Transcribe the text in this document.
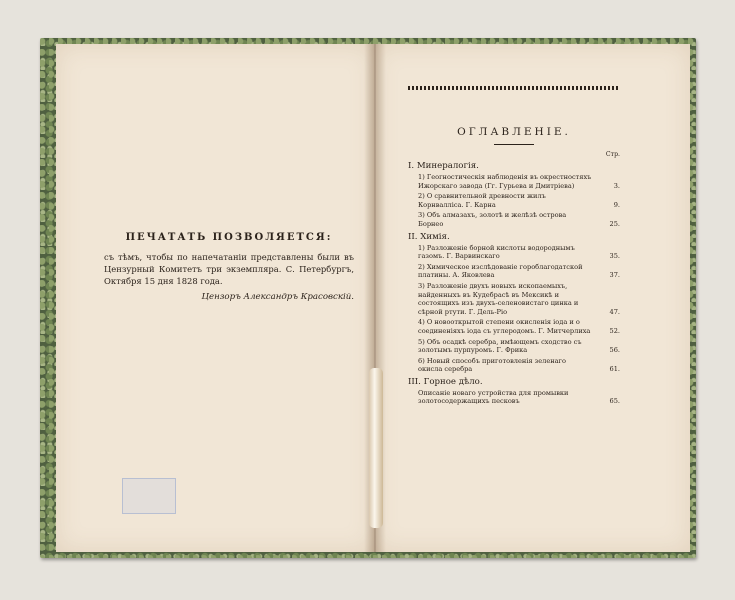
ПЕЧАТАТЬ ПОЗВОЛЯЕТСЯ:
съ тѣмъ, чтобы по напечатаніи представлены были въ Цензурный Комитетъ три экземпляра. С. Петербургъ, Октября 15 дня 1828 года.
Цензоръ Александръ Красовскій.
ОГЛАВЛЕНІЕ.
Стр.
I. Минералогія.
1) Геогностическія наблюденія въ окрестностяхъ Ижорскаго завода (Гг. Гурьева и Дмитріева)	3.
2) О сравнительной древности жилъ Корнвалліса. Г. Карна	9.
3) Объ алмазахъ, золотѣ и желѣзѣ острова Борнео	25.
II. Химія.
1) Разложеніе борной кислоты водороднымъ газомъ. Г. Варвинскаго	35.
2) Химическое изслѣдованіе гороблагодатской платины. А. Яковлева	37.
3) Разложеніе двухъ новыхъ ископаемыхъ, найденныхъ въ Кудебрасѣ въ Мексикѣ и состоящихъ изъ двухъ-селеновистаго цинка и сѣрной ртути. Г. Дель-Ріо	47.
4) О новооткрытой степени окисленія іода и о соединеніяхъ іода съ углеродомъ. Г. Митчерлиха	52.
5) Объ осадкѣ серебра, имѣющемъ сходство съ золотымъ пурпуромъ. Г. Фрика	56.
6) Новый способъ приготовленія зеленаго окисла серебра	61.
III. Горное дѣло.
Описаніе новаго устройства для промывки золотосодержащихъ песковъ	65.
